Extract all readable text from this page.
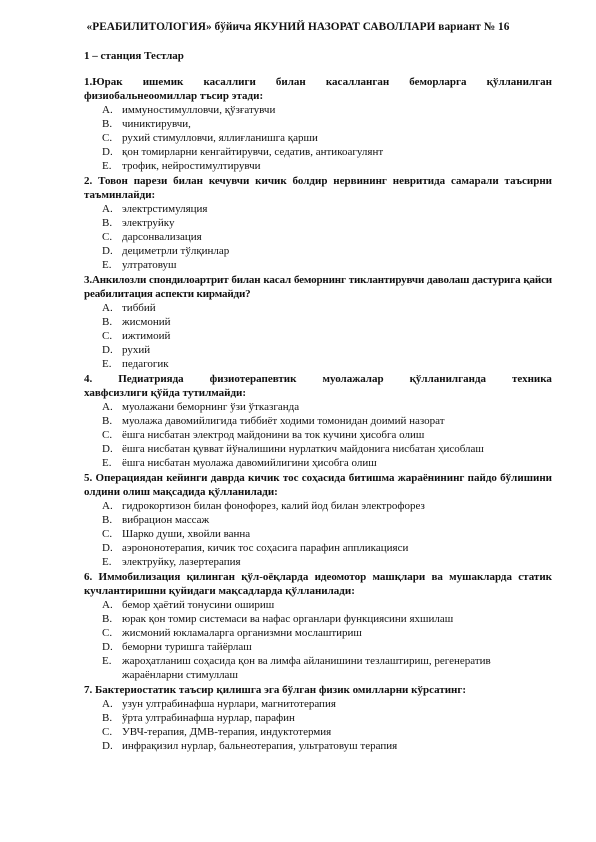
«РЕАБИЛИТОЛОГИЯ» бўйича ЯКУНИЙ НАЗОРАТ САВОЛЛАРИ вариант № 16
1 – станция Тестлар
1.Юрак ишемик касаллиги билан касалланган беморларга қўлланилган физиобальнеоомиллар тъсир этади:
A. иммуностимулловчи, қўзғатувчи
B. чиниктирувчи,
C. рухий стимулловчи, яллиғланишга қарши
D. қон томирларни кенгайтирувчи, седатив, антикоагулянт
E. трофик, нейростимултирувчи
2. Товон парези билан кечувчи кичик болдир нервининг невритида самарали таъсирни таъминлайди:
A. электрстимуляция
B. электруйку
C. дарсонвализация
D. дециметрли тўлқинлар
E. ултратовуш
3.Анкилозли спондилоартрит билан касал беморнинг тиклантирувчи даволаш дастурига қайси реабилитация аспекти кирмайди?
A. тиббий
B. жисмоний
C. ижтимоий
D. рухий
E. педагогик
4. Педиатрияда физиотерапевтик муолажалар қўлланилганда техника
хавфсизлиги қўйда тутилмайди:
A. муолажани беморнинг ўзи ўтказганда
B. муолажа давомийлигида тиббиёт ходими томонидан доимий назорат
C. ёшга нисбатан электрод майдонини ва ток кучини ҳисобга олиш
D. ёшга нисбатан қувват йўналишини нурлаткич майдонига нисбатан ҳисоблаш
E. ёшга нисбатан муолажа давомийлигини ҳисобга олиш
5. Операциядан кейинги даврда кичик тос соҳасида битишма жараёнининг пайдо бўлишини олдини олиш мақсадида қўлланилади:
A. гидрокортизон билан фонофорез, калий йод билан электрофорез
B. вибрацион массаж
C. Шарко души, хвойли ванна
D. аэрононотерапия, кичик тос соҳасига парафин аппликацияси
E. электруйку, лазертерапия
6. Иммобилизация қилинган қўл-оёқларда идеомотор машқлари ва мушакларда статик кучлантиришни қуйидаги мақсадларда қўлланилади:
A. бемор ҳаётий тонусини ошириш
B. юрак қон томир системаси ва нафас органлари функциясини яхшилаш
C. жисмоний юкламаларга организмни мослаштириш
D. беморни туришга тайёрлаш
E. жароҳатланиш соҳасида қон ва лимфа айланишини тезлаштириш, регенератив жараёнларни стимуллаш
7. Бактериостатик таъсир қилишга эга бўлган физик омилларни кўрсатинг:
A. узун ултрабинафша нурлари, магнитотерапия
B. ўрта ултрабинафша нурлар, парафин
C. УВЧ-терапия, ДМВ-терапия, индуктотермия
D. инфрақизил нурлар, бальнеотерапия, ультратовуш терапия
